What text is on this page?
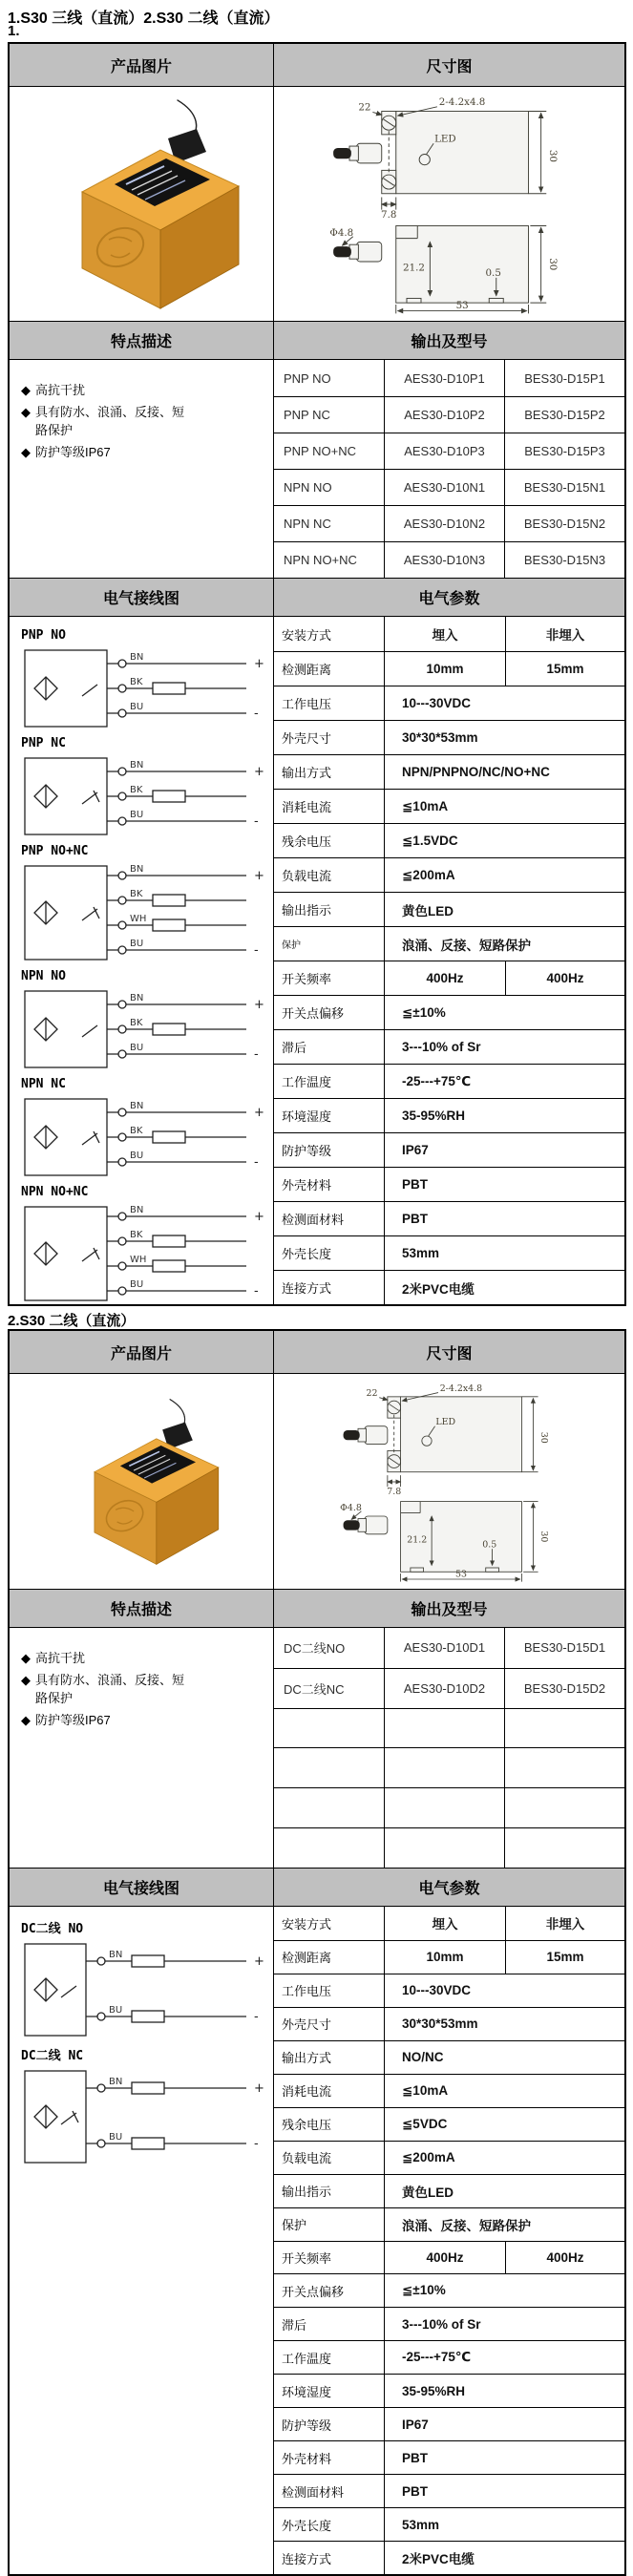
1.S30 三线（直流）2.S30 二线（直流）
1.
产品图片	尺寸图
LED
2-4.2x4.8
22
30
7.8
Φ4.8
21.2	0.5
53
30
特点描述	输出及型号
◆ 高抗干扰
◆ 具有防水、浪涌、反接、短路保护
◆ 防护等级IP67
PNP NO	AES30-D10P1	BES30-D15P1
PNP NC	AES30-D10P2	BES30-D15P2
PNP NO+NC	AES30-D10P3	BES30-D15P3
NPN NO	AES30-D10N1	BES30-D15N1
NPN NC	AES30-D10N2	BES30-D15N2
NPN NO+NC	AES30-D10N3	BES30-D15N3
电气接线图	电气参数
PNP NO
BN	+
BK
BU	-
PNP NC
BN	+
BK
BU	-
PNP NO+NC
BN	+
BK
WH
BU	-
NPN NO
BN	+
BK
BU	-
NPN NC
BN	+
BK
BU	-
NPN NO+NC
BN	+
BK
WH
BU	-
安装方式	埋入	非埋入
检测距离	10mm	15mm
工作电压	10---30VDC
外壳尺寸	30*30*53mm
输出方式	NPN/PNPNO/NC/NO+NC
消耗电流	≦10mA
残余电压	≦1.5VDC
负载电流	≦200mA
输出指示	黄色LED
保护	浪涌、反接、短路保护
开关频率	400Hz	400Hz
开关点偏移	≦±10%
滞后	3---10% of Sr
工作温度	-25---+75℃
环境湿度	35-95%RH
防护等级	IP67
外壳材料	PBT
检测面材料	PBT
外壳长度	53mm
连接方式	2米PVC电缆
2.S30 二线（直流）
产品图片	尺寸图
LED
2-4.2x4.8
22
30
7.8
Φ4.8
21.2	0.5
53
30
特点描述	输出及型号
◆ 高抗干扰
◆ 具有防水、浪涌、反接、短路保护
◆ 防护等级IP67
DC二线NO	AES30-D10D1	BES30-D15D1
DC二线NC	AES30-D10D2	BES30-D15D2
电气接线图	电气参数
DC二线 NO
BN	+
BU	-
DC二线 NC
BN	+
BU	-
安装方式	埋入	非埋入
检测距离	10mm	15mm
工作电压	10---30VDC
外壳尺寸	30*30*53mm
输出方式	NO/NC
消耗电流	≦10mA
残余电压	≦5VDC
负载电流	≦200mA
输出指示	黄色LED
保护	浪涌、反接、短路保护
开关频率	400Hz	400Hz
开关点偏移	≦±10%
滞后	3---10% of Sr
工作温度	-25---+75℃
环境湿度	35-95%RH
防护等级	IP67
外壳材料	PBT
检测面材料	PBT
外壳长度	53mm
连接方式	2米PVC电缆
